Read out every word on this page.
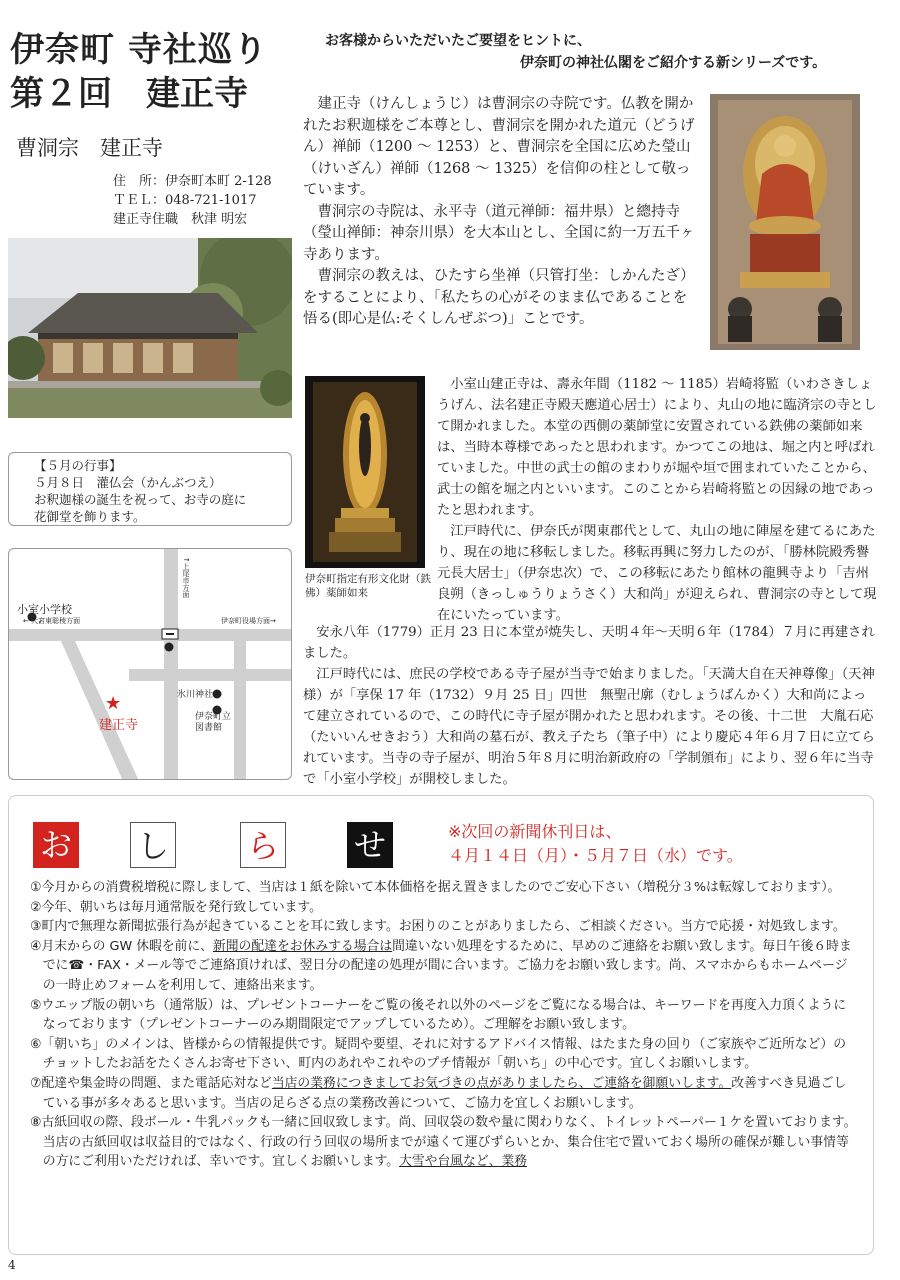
伊奈町 寺社巡り
第２回　建正寺
お客様からいただいたご要望をヒントに、
伊奈町の神社仏閣をご紹介する新シリーズです。
曹洞宗　建正寺
住　所：伊奈町本町 2-128
ＴＥＬ：048-721-1017
建正寺住職　秋津 明宏
【５月の行事】
５月８日　灌仏会（かんぶつえ）
お釈迦様の誕生を祝って、お寺の庭に
花御堂を飾ります。
小室小学校
← 大宮東聡稜方面
↑上尾市方面
伊奈町役場方面→
氷川神社
★
建正寺
伊奈町立
図書館

建正寺（けんしょうじ）は曹洞宗の寺院です。仏教を開かれたお釈迦様をご本尊とし、曹洞宗を開かれた道元（どうげん）禅師（1200 〜 1253）と、曹洞宗を全国に広めた瑩山（けいざん）禅師（1268 〜 1325）を信仰の柱として敬っています。

曹洞宗の寺院は、永平寺（道元禅師：福井県）と總持寺（瑩山禅師：神奈川県）を大本山とし、全国に約一万五千ヶ寺あります。

曹洞宗の教えは、ひたすら坐禅（只管打坐：しかんたざ）をすることにより、「私たちの心がそのまま仏であることを悟る(即心是仏:そくしんぜぶつ)」ことです。

伊奈町指定有形文化財（鉄佛）薬師如来

小室山建正寺は、壽永年間（1182 〜 1185）岩崎将監（いわさきしょうげん、法名建正寺殿天應道心居士）により、丸山の地に臨済宗の寺として開かれました。本堂の西側の薬師堂に安置されている鉄佛の薬師如来は、当時本尊様であったと思われます。かつてこの地は、堀之内と呼ばれていました。中世の武士の館のまわりが堀や垣で囲まれていたことから、武士の館を堀之内といいます。このことから岩崎将監との因縁の地であったと思われます。

江戸時代に、伊奈氏が関東郡代として、丸山の地に陣屋を建てるにあたり、現在の地に移転しました。移転再興に努力したのが、「勝林院殿秀譽元長大居士」（伊奈忠次）で、この移転にあたり館林の龍興寺より「吉州良朔（きっしゅうりょうさく）大和尚」が迎えられ、曹洞宗の寺として現在にいたっています。

安永八年（1779）正月 23 日に本堂が焼失し、天明４年〜天明６年（1784）７月に再建されました。

江戸時代には、庶民の学校である寺子屋が当寺で始まりました。「天満大自在天神尊像」（天神様）が「享保 17 年（1732）９月 25 日」四世　無聖卍廓（むしょうばんかく）大和尚によって建立されているので、この時代に寺子屋が開かれたと思われます。その後、十二世　大胤石応（たいいんせきおう）大和尚の墓石が、教え子たち（筆子中）により慶応４年６月７日に立てられています。当寺の寺子屋が、明治５年８月に明治新政府の「学制頒布」により、翌６年に当寺で「小室小学校」が開校しました。

お し ら せ	※次回の新聞休刊日は、
４月１４日（月）・５月７日（水）です。
①今月からの消費税増税に際しまして、当店は１紙を除いて本体価格を据え置きましたのでご安心下さい（増税分３%は転嫁しております）。
②今年、朝いちは毎月通常版を発行致しています。
③町内で無理な新聞拡張行為が起きていることを耳に致します。お困りのことがありましたら、ご相談ください。当方で応援・対処致します。
④月末からの GW 休暇を前に、新聞の配達をお休みする場合は間違いない処理をするために、早めのご連絡をお願い致します。毎日午後６時までに☎・FAX・メール等でご連絡頂ければ、翌日分の配達の処理が間に合います。ご協力をお願い致します。尚、スマホからもホームページの一時止めフォームを利用して、連絡出来ます。
⑤ウエップ版の朝いち（通常版）は、プレゼントコーナーをご覧の後それ以外のページをご覧になる場合は、キーワードを再度入力頂くようになっております（プレゼントコーナーのみ期間限定でアップしているため）。ご理解をお願い致します。
⑥「朝いち」のメインは、皆様からの情報提供です。疑問や要望、それに対するアドバイス情報、はたまた身の回り（ご家族やご近所など）のチョットしたお話をたくさんお寄せ下さい、町内のあれやこれやのプチ情報が「朝いち」の中心です。宜しくお願いします。
⑦配達や集金時の問題、また電話応対など当店の業務につきましてお気づきの点がありましたら、ご連絡を御願いします。改善すべき見過ごしている事が多々あると思います。当店の足らざる点の業務改善について、ご協力を宜しくお願いします。
⑧古紙回収の際、段ボール・牛乳パックも一緒に回収致します。尚、回収袋の数や量に関わりなく、トイレットペーパー１ケを置いております。当店の古紙回収は収益目的ではなく、行政の行う回収の場所までが遠くて運びずらいとか、集合住宅で置いておく場所の確保が難しい事情等の方にご利用いただければ、幸いです。宜しくお願いします。大雪や台風など、業務
4
